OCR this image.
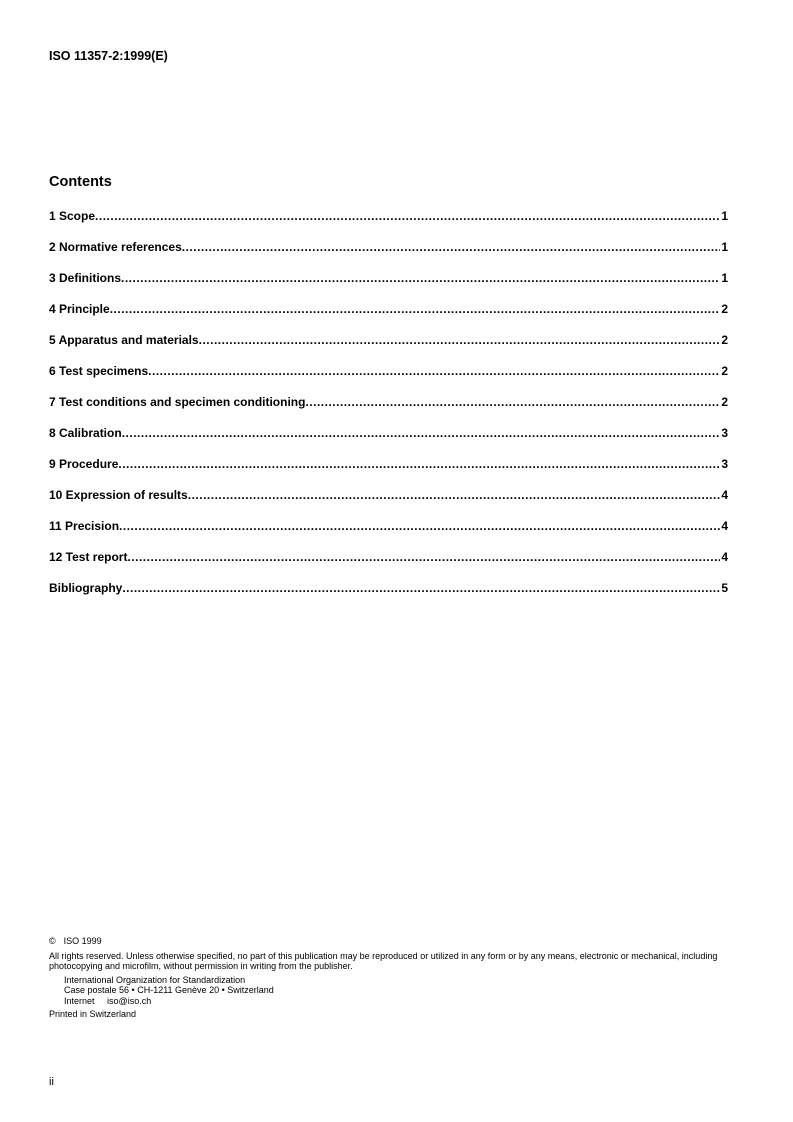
ISO 11357-2:1999(E)
Contents
1 Scope .....	1
2 Normative references .....	1
3 Definitions .....	1
4 Principle .....	2
5 Apparatus and materials .....	2
6 Test specimens .....	2
7 Test conditions and specimen conditioning .....	2
8 Calibration .....	3
9 Procedure .....	3
10 Expression of results .....	4
11 Precision .....	4
12 Test report .....	4
Bibliography .....	5
© ISO 1999
All rights reserved. Unless otherwise specified, no part of this publication may be reproduced or utilized in any form or by any means, electronic or mechanical, including photocopying and microfilm, without permission in writing from the publisher.
International Organization for Standardization
Case postale 56 • CH-1211 Genève 20 • Switzerland
Internet iso@iso.ch
Printed in Switzerland
ii
